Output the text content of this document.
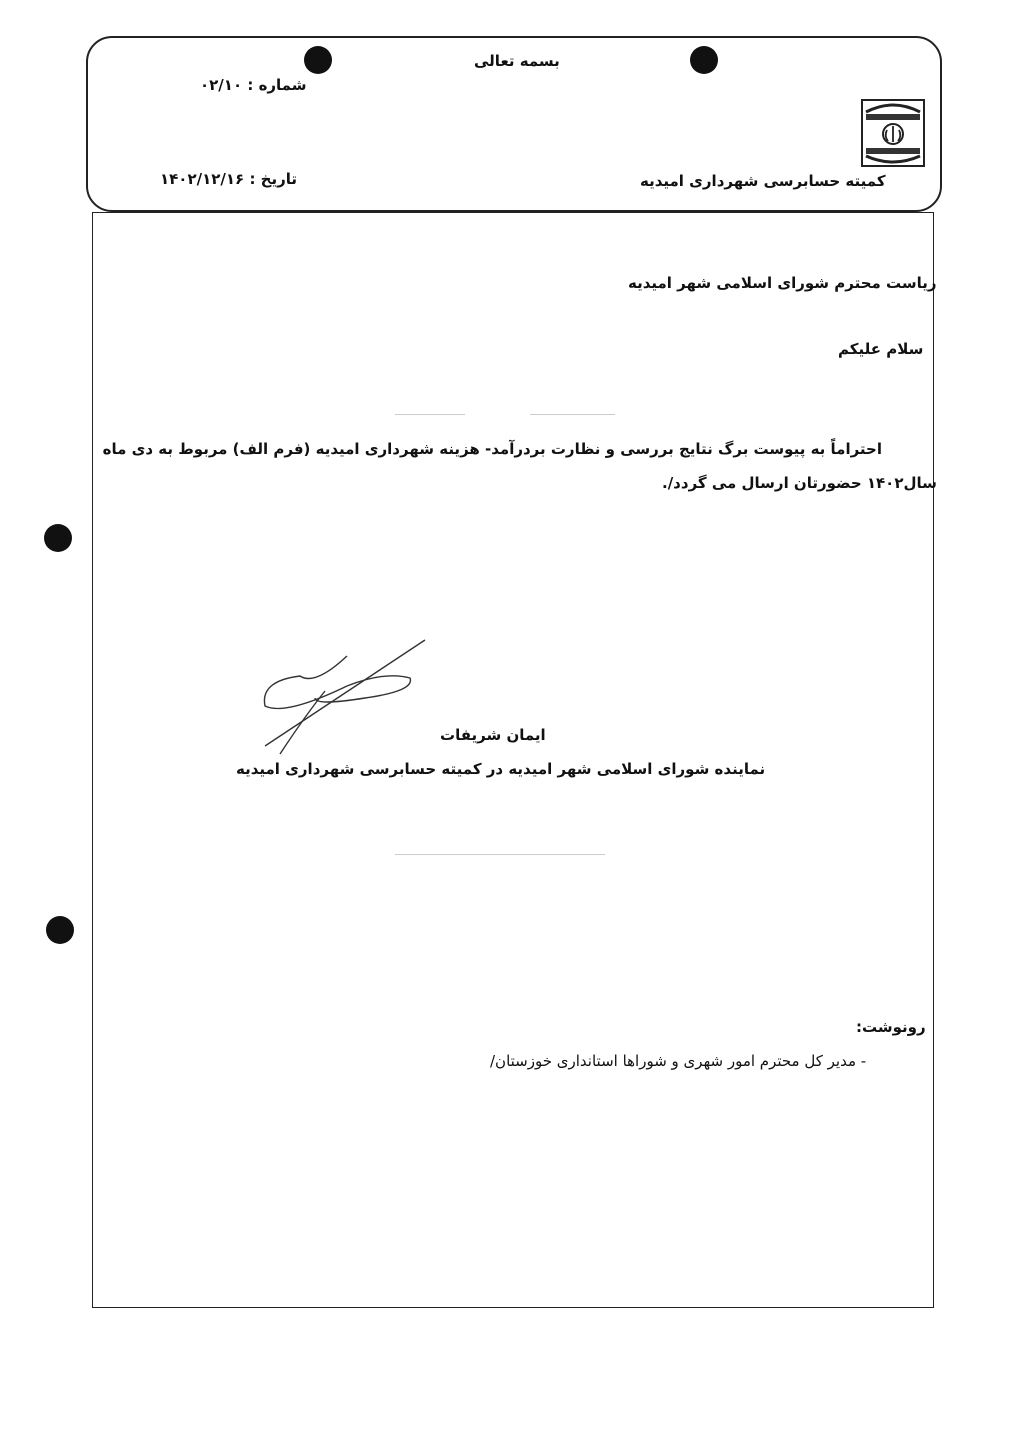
بسمه تعالی
شماره : ۰۲/۱۰
تاریخ : ۱۴۰۲/۱۲/۱۶	کمیته حسابرسی شهرداری امیدیه
ریاست محترم شورای اسلامی شهر امیدیه
سلام علیکم
احتراماً به پیوست برگ نتایج بررسی و نظارت بردرآمد- هزینه شهرداری امیدیه (فرم الف) مربوط به دی ماه
سال۱۴۰۲ حضورتان ارسال می گردد/.
ایمان شریفات
نماینده شورای اسلامی شهر امیدیه در کمیته حسابرسی شهرداری امیدیه
رونوشت:
- مدیر کل محترم امور شهری و شوراها استانداری خوزستان/
